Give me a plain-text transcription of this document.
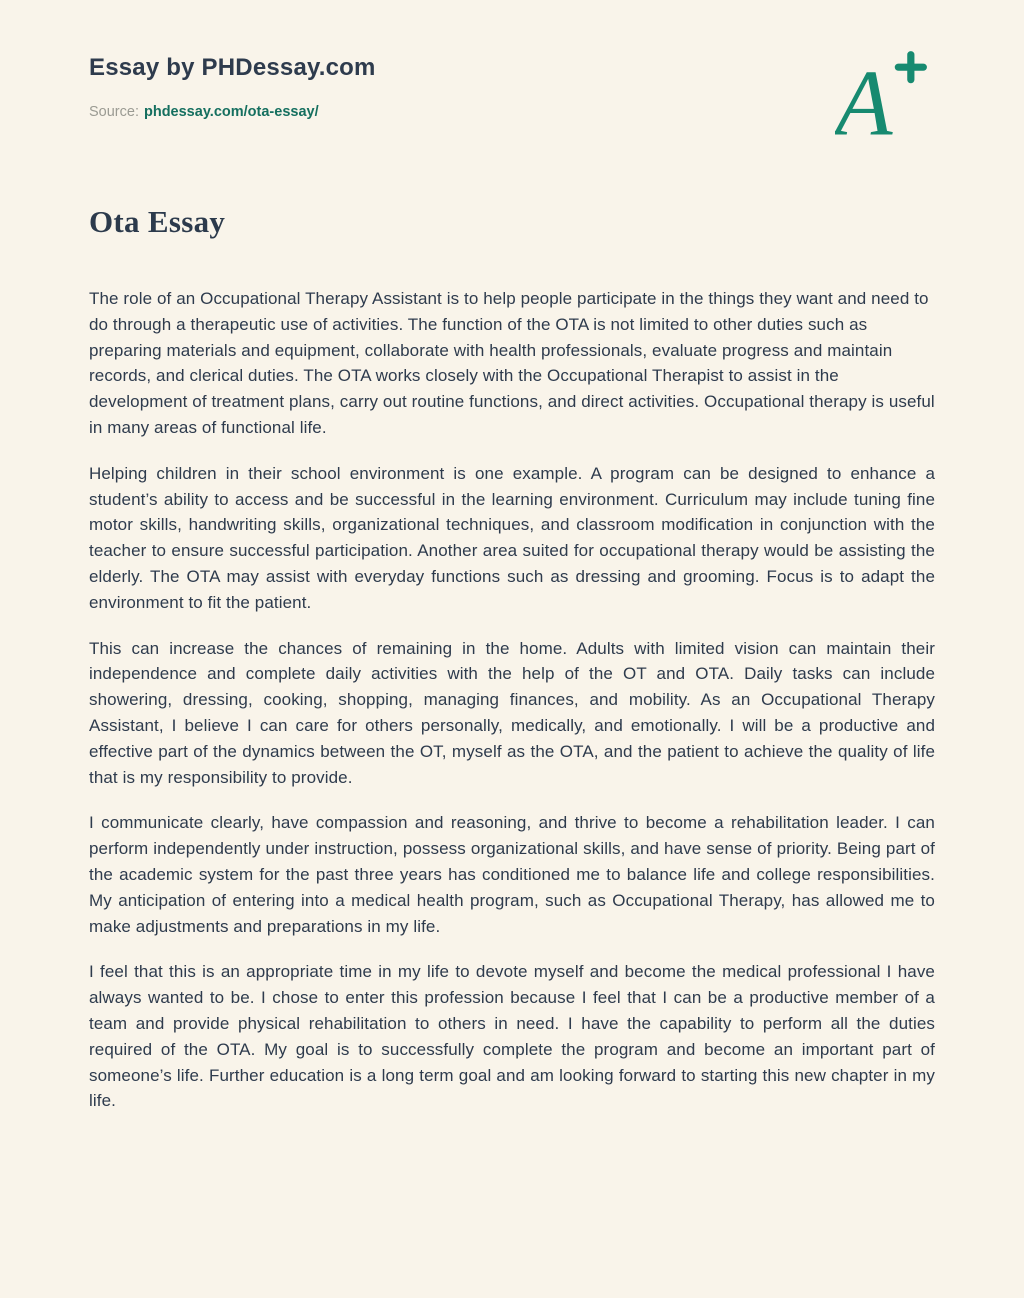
Essay by PHDessay.com
Source: phdessay.com/ota-essay/	A
Ota Essay

The role of an Occupational Therapy Assistant is to help people participate in the things they want and need to do through a therapeutic use of activities. The function of the OTA is not limited to other duties such as preparing materials and equipment, collaborate with health professionals, evaluate progress and maintain records, and clerical duties. The OTA works closely with the Occupational Therapist to assist in the development of treatment plans, carry out routine functions, and direct activities. Occupational therapy is useful in many areas of functional life.

Helping children in their school environment is one example. A program can be designed to enhance a student’s ability to access and be successful in the learning environment. Curriculum may include tuning fine motor skills, handwriting skills, organizational techniques, and classroom modification in conjunction with the teacher to ensure successful participation. Another area suited for occupational therapy would be assisting the elderly. The OTA may assist with everyday functions such as dressing and grooming. Focus is to adapt the environment to fit the patient.

This can increase the chances of remaining in the home. Adults with limited vision can maintain their independence and complete daily activities with the help of the OT and OTA. Daily tasks can include showering, dressing, cooking, shopping, managing finances, and mobility. As an Occupational Therapy Assistant, I believe I can care for others personally, medically, and emotionally. I will be a productive and effective part of the dynamics between the OT, myself as the OTA, and the patient to achieve the quality of life that is my responsibility to provide.

I communicate clearly, have compassion and reasoning, and thrive to become a rehabilitation leader. I can perform independently under instruction, possess organizational skills, and have sense of priority. Being part of the academic system for the past three years has conditioned me to balance life and college responsibilities. My anticipation of entering into a medical health program, such as Occupational Therapy, has allowed me to make adjustments and preparations in my life.

I feel that this is an appropriate time in my life to devote myself and become the medical professional I have always wanted to be. I chose to enter this profession because I feel that I can be a productive member of a team and provide physical rehabilitation to others in need. I have the capability to perform all the duties required of the OTA. My goal is to successfully complete the program and become an important part of someone’s life. Further education is a long term goal and am looking forward to starting this new chapter in my life.
